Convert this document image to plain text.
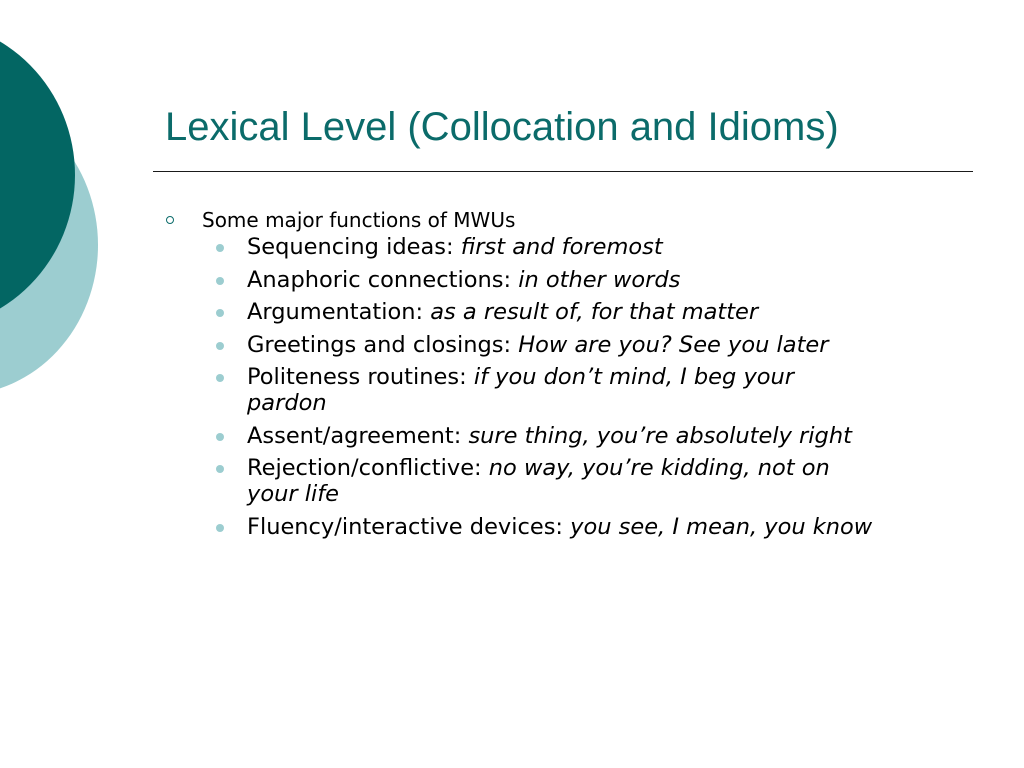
Lexical Level (Collocation and Idioms)
Some major functions of MWUs
Sequencing ideas: first and foremost
Anaphoric connections: in other words
Argumentation: as a result of, for that matter
Greetings and closings: How are you? See you later
Politeness routines: if you don’t mind, I beg your pardon
Assent/agreement: sure thing, you’re absolutely right
Rejection/conflictive: no way, you’re kidding, not on your life
Fluency/interactive devices: you see, I mean, you know
